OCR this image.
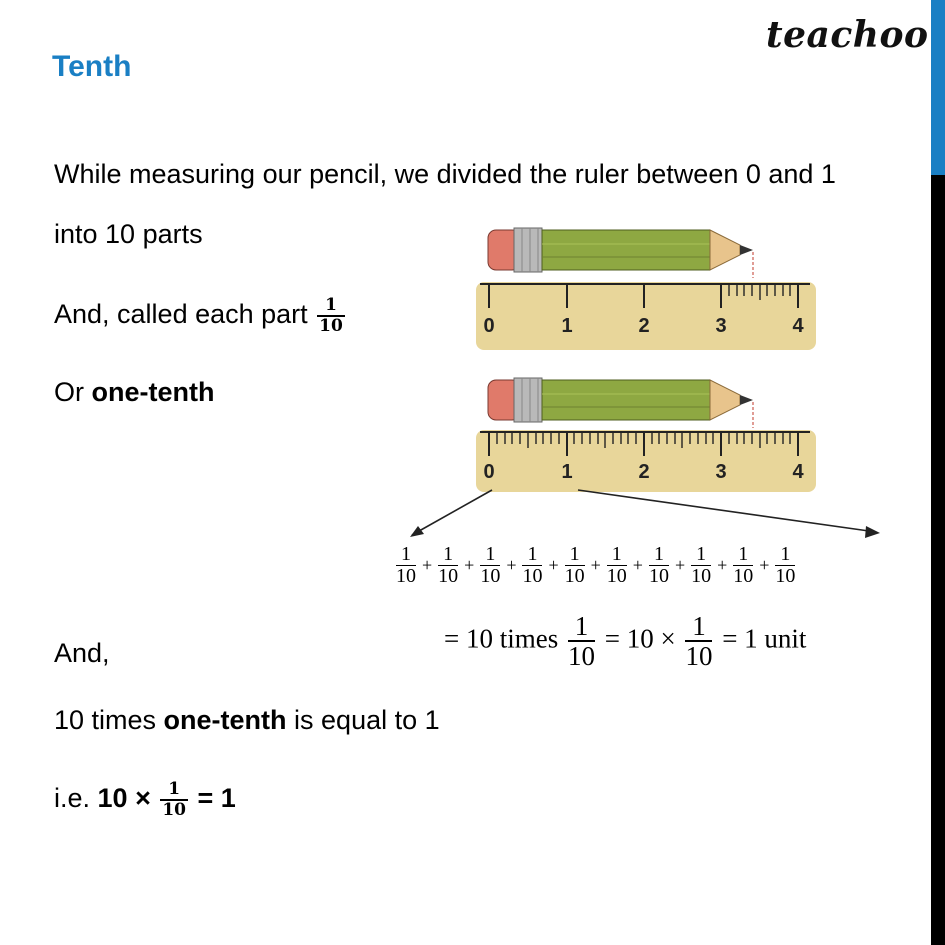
Tenth
teachoo
While measuring our pencil, we divided the ruler between 0 and 1
into 10 parts
And, called each part $\frac{1}{10}$
Or one-tenth
0	1	2	3	4
0	1	2	3	4
$\frac{1}{10} + \frac{1}{10} + \frac{1}{10} + \frac{1}{10} + \frac{1}{10} + \frac{1}{10} + \frac{1}{10} + \frac{1}{10} + \frac{1}{10} + \frac{1}{10}$
= 10 times $\frac{1}{10} = 10 \times \frac{1}{10} = 1$ unit
And,
10 times one-tenth is equal to 1
i.e. $10 \times \frac{1}{10} = 1$
